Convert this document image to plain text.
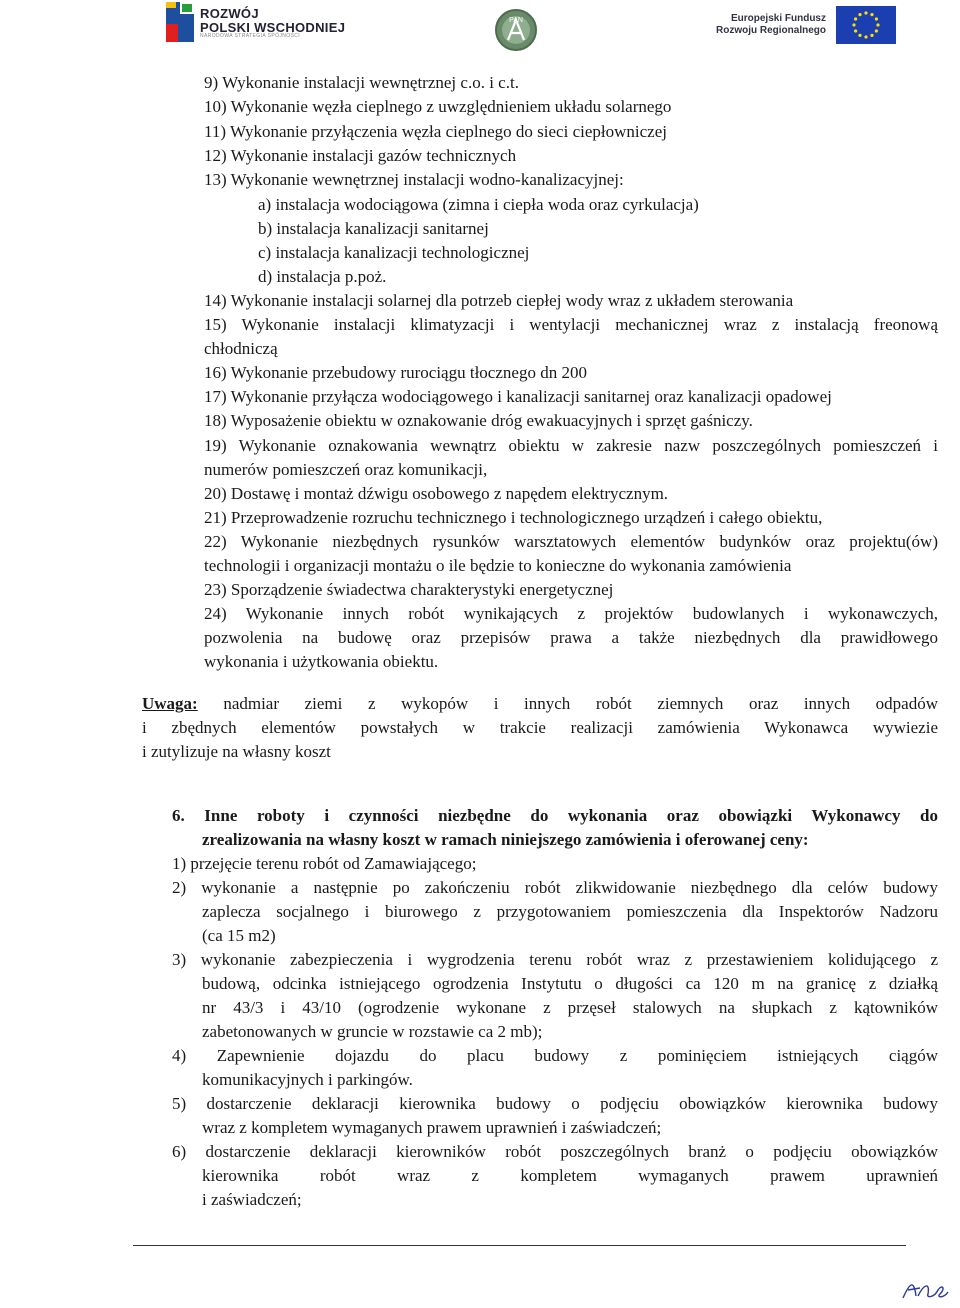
ROZWÓJ
POLSKI WSCHODNIEJ
NARODOWA STRATEGIA SPÓJNOŚCI
PAN	Europejski Fundusz
Rozwoju Regionalnego
9) Wykonanie instalacji wewnętrznej c.o. i c.t.
10) Wykonanie węzła cieplnego z uwzględnieniem układu solarnego
11) Wykonanie przyłączenia węzła cieplnego do sieci ciepłowniczej
12) Wykonanie instalacji gazów technicznych
13) Wykonanie wewnętrznej instalacji wodno-kanalizacyjnej:
a) instalacja wodociągowa (zimna i ciepła woda oraz cyrkulacja)
b) instalacja kanalizacji sanitarnej
c) instalacja kanalizacji technologicznej
d) instalacja p.poż.
14) Wykonanie instalacji solarnej dla potrzeb ciepłej wody wraz z układem sterowania
15) Wykonanie instalacji klimatyzacji i wentylacji mechanicznej wraz z instalacją freonową
chłodniczą
16) Wykonanie przebudowy rurociągu tłocznego dn 200
17) Wykonanie przyłącza wodociągowego i kanalizacji sanitarnej oraz kanalizacji opadowej
18) Wyposażenie obiektu w oznakowanie dróg ewakuacyjnych i sprzęt gaśniczy.
19) Wykonanie oznakowania wewnątrz obiektu w zakresie nazw poszczególnych pomieszczeń i
numerów pomieszczeń oraz komunikacji,
20) Dostawę i montaż dźwigu osobowego z napędem elektrycznym.
21) Przeprowadzenie rozruchu technicznego i technologicznego urządzeń i całego obiektu,
22) Wykonanie niezbędnych rysunków warsztatowych elementów budynków oraz projektu(ów)
technologii i organizacji montażu o ile będzie to konieczne do wykonania zamówienia
23) Sporządzenie świadectwa charakterystyki energetycznej
24) Wykonanie innych robót wynikających z projektów budowlanych i wykonawczych,
pozwolenia na budowę oraz przepisów prawa a także niezbędnych dla prawidłowego
wykonania i użytkowania obiektu.
Uwaga: nadmiar ziemi z wykopów i innych robót ziemnych oraz innych odpadów
i zbędnych elementów powstałych w trakcie realizacji zamówienia Wykonawca wywiezie
i zutylizuje na własny koszt
6. Inne roboty i czynności niezbędne do wykonania oraz obowiązki Wykonawcy do
zrealizowania na własny koszt w ramach niniejszego zamówienia i oferowanej ceny:
1) przejęcie terenu robót od Zamawiającego;
2) wykonanie a następnie po zakończeniu robót zlikwidowanie niezbędnego dla celów budowy
zaplecza socjalnego i biurowego z przygotowaniem pomieszczenia dla Inspektorów Nadzoru
(ca 15 m2)
3) wykonanie zabezpieczenia i wygrodzenia terenu robót wraz z przestawieniem kolidującego z
budową, odcinka istniejącego ogrodzenia Instytutu o długości ca 120 m na granicę z działką
nr 43/3 i 43/10 (ogrodzenie wykonane z przęseł stalowych na słupkach z kątowników
zabetonowanych w gruncie w rozstawie ca 2 mb);
4) Zapewnienie dojazdu do placu budowy z pominięciem istniejących ciągów
komunikacyjnych i parkingów.
5) dostarczenie deklaracji kierownika budowy o podjęciu obowiązków kierownika budowy
wraz z kompletem wymaganych prawem uprawnień i zaświadczeń;
6) dostarczenie deklaracji kierowników robót poszczególnych branż o podjęciu obowiązków
kierownika robót wraz z kompletem wymaganych prawem uprawnień
i zaświadczeń;
